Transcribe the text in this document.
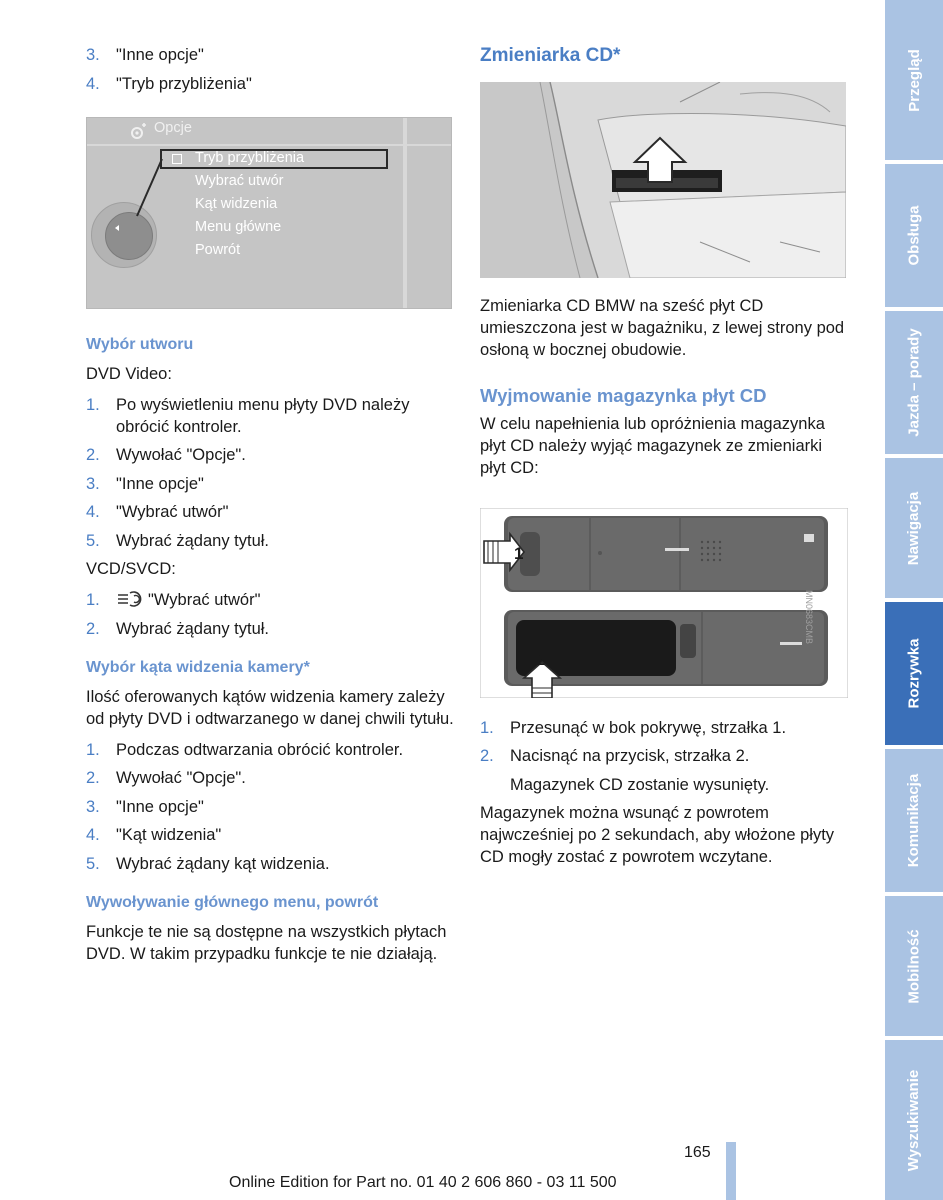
3. "Inne opcje"
4. "Tryb przybliżenia"
Opcje
Tryb przybliżenia
Wybrać utwór
Kąt widzenia
Menu główne
Powrót
Wybór utworu

DVD Video:

1. Po wyświetleniu menu płyty DVD należy obrócić kontroler.
2. Wywołać "Opcje".
3. "Inne opcje"
4. "Wybrać utwór"
5. Wybrać żądany tytuł.

VCD/SVCD:

1.	"Wybrać utwór"
2. Wybrać żądany tytuł.
Wybór kąta widzenia kamery*

Ilość oferowanych kątów widzenia kamery zależy od płyty DVD i odtwarzanego w danej chwili tytułu.

1. Podczas odtwarzania obrócić kontroler.
2. Wywołać "Opcje".
3. "Inne opcje"
4. "Kąt widzenia"
5. Wybrać żądany kąt widzenia.
Wywoływanie głównego menu, powrót

Funkcje te nie są dostępne na wszystkich płytach DVD. W takim przypadku funkcje te nie działają.

Zmieniarka CD*

Zmieniarka CD BMW na sześć płyt CD umieszczona jest w bagażniku, z lewej strony pod osłoną w bocznej obudowie.

Wyjmowanie magazynka płyt CD

W celu napełnienia lub opróżnienia magazynka płyt CD należy wyjąć magazynek ze zmieniarki płyt CD:

1
2
MN0683CMB
1. Przesunąć w bok pokrywę, strzałka 1.
2. Nacisnąć na przycisk, strzałka 2.
Magazynek CD zostanie wysunięty.

Magazynek można wsunąć z powrotem najwcześniej po 2 sekundach, aby włożone płyty CD mogły zostać z powrotem wczytane.

Przegląd
Obsługa
Jazda – porady
Nawigacja
Rozrywka
Komunikacja
Mobilność
Wyszukiwanie
165
Online Edition for Part no. 01 40 2 606 860 - 03 11 500
